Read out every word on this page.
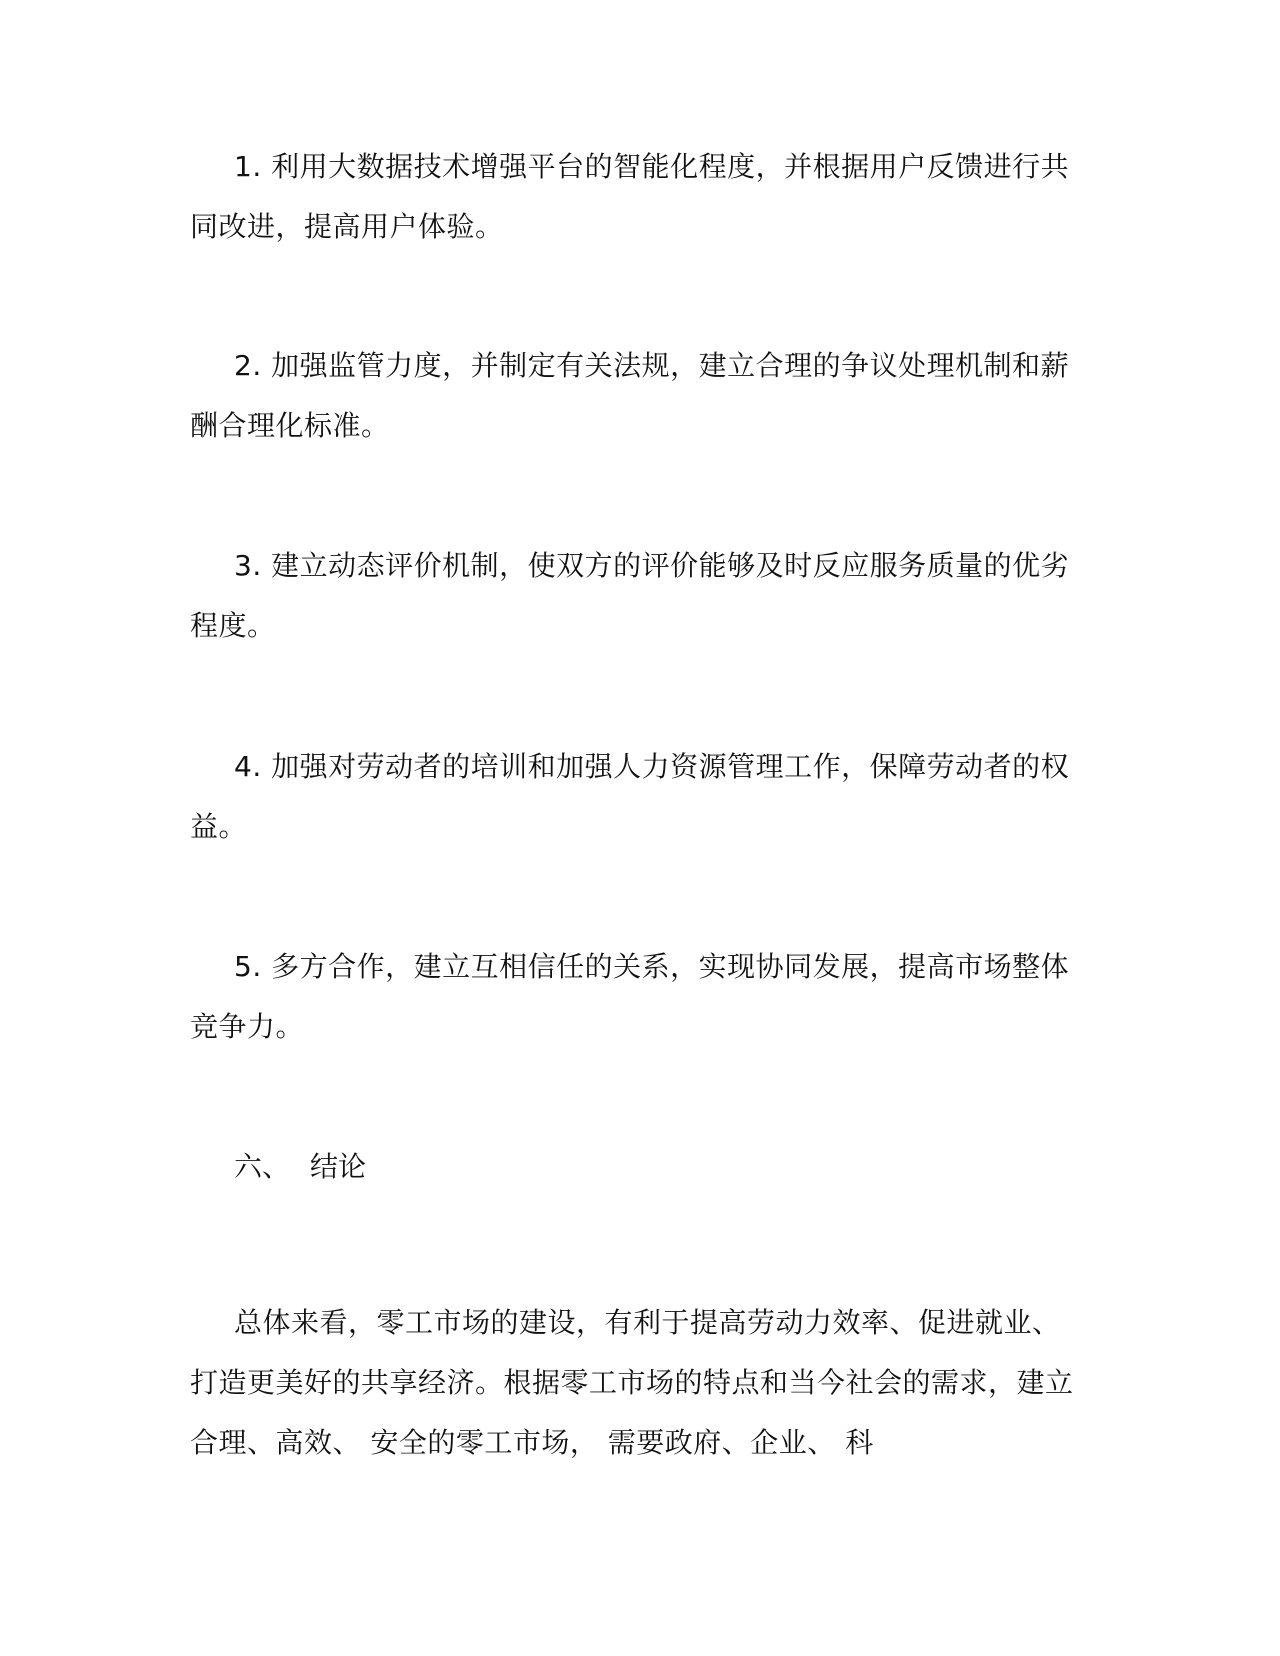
1. 利用大数据技术增强平台的智能化程度，并根据用户反馈进行共同改进，提高用户体验。

2. 加强监管力度，并制定有关法规，建立合理的争议处理机制和薪酬合理化标准。

3. 建立动态评价机制，使双方的评价能够及时反应服务质量的优劣程度。

4. 加强对劳动者的培训和加强人力资源管理工作，保障劳动者的权益。

5. 多方合作，建立互相信任的关系，实现协同发展，提高市场整体竞争力。

六、 结论

总体来看，零工市场的建设，有利于提高劳动力效率、促进就业、打造更美好的共享经济。根据零工市场的特点和当今社会的需求，建立合理、高效、 安全的零工市场， 需要政府、企业、 科
